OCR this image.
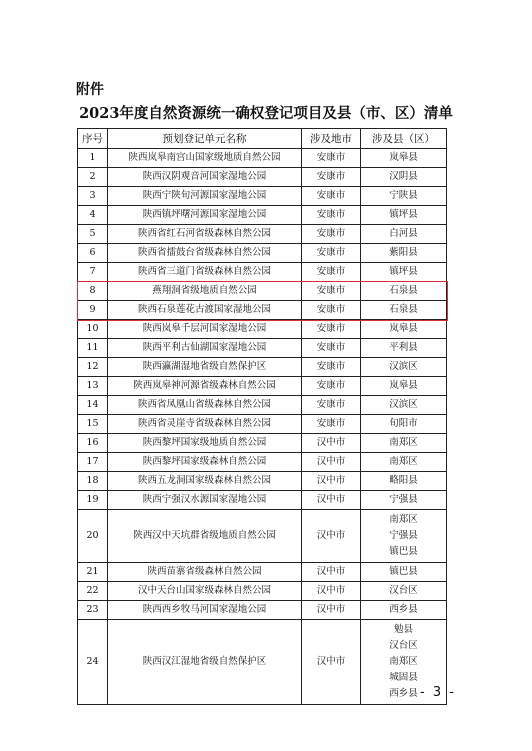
附件
2023年度自然资源统一确权登记项目及县（市、区）清单
序号	预划登记单元名称	涉及地市	涉及县（区）
1	陕西岚皋南宫山国家级地质自然公园	安康市	岚皋县

2	陕西汉阴观音河国家湿地公园	安康市	汉阴县

3	陕西宁陕旬河源国家湿地公园	安康市	宁陕县

4	陕西镇坪曙河源国家湿地公园	安康市	镇坪县

5	陕西省红石河省级森林自然公园	安康市	白河县

6	陕西省擂鼓台省级森林自然公园	安康市	紫阳县

7	陕西省三道门省级森林自然公园	安康市	镇坪县

8	燕翔洞省级地质自然公园	安康市	石泉县

9	陕西石泉莲花古渡国家湿地公园	安康市	石泉县

10	陕西岚皋千层河国家湿地公园	安康市	岚皋县

11	陕西平利古仙湖国家湿地公园	安康市	平利县

12	陕西瀛湖湿地省级自然保护区	安康市	汉滨区

13	陕西岚皋神河源省级森林自然公园	安康市	岚皋县

14	陕西省凤凰山省级森林自然公园	安康市	汉滨区

15	陕西省灵崖寺省级森林自然公园	安康市	旬阳市

16	陕西黎坪国家级地质自然公园	汉中市	南郑区

17	陕西黎坪国家级森林自然公园	汉中市	南郑区

18	陕西五龙洞国家级森林自然公园	汉中市	略阳县

19	陕西宁强汉水源国家湿地公园	汉中市	宁强县

20	陕西汉中天坑群省级地质自然公园	汉中市	南郑区
宁强县
镇巴县

21	陕西苗寨省级森林自然公园	汉中市	镇巴县

22	汉中天台山国家级森林自然公园	汉中市	汉台区

23	陕西西乡牧马河国家湿地公园	汉中市	西乡县

24	陕西汉江湿地省级自然保护区	汉中市	勉县
汉台区
南郑区
城固县
西乡县 - 3 -
